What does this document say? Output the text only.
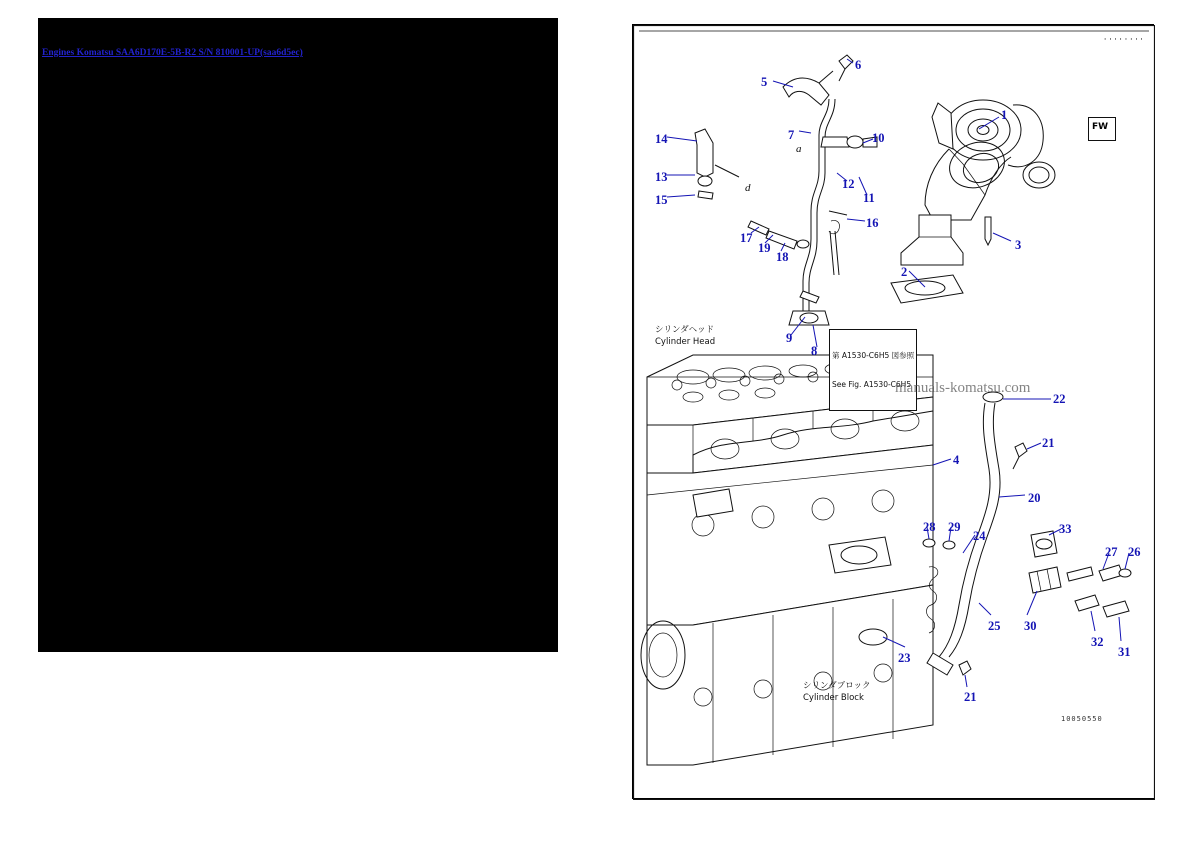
Engines Komatsu SAA6D170E-5B-R2 S/N 810001-UP(saa6d5ec)
FW
''''''''
シリンダヘッド
Cylinder Head
シリンダブロック
Cylinder Block

第 A1530-C6H5 図参照

See Fig. A1530-C6H5

a
d
1
2
3
4
5
6
7
8
9
10
11
12
13
14
15
16
17
18
19
20
21
21
22
23
24
25
26
27
28 29
30
31
32
33
manuals-komatsu.com
10050550
